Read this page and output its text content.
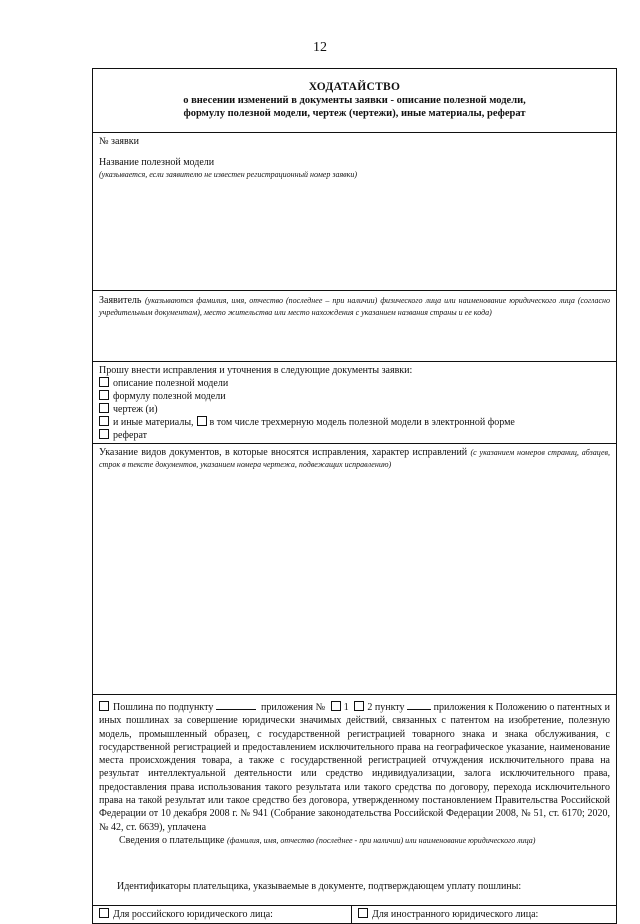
12
ХОДАТАЙСТВО
о внесении изменений в документы заявки - описание полезной модели,
формулу полезной модели, чертеж (чертежи), иные материалы, реферат
№ заявки
Название полезной модели
(указывается, если заявителю не известен регистрационный номер заявки)
Заявитель (указываются фамилия, имя, отчество (последнее – при наличии) физического лица или наименование юридического лица (согласно учредительным документам), место жительства или место нахождения с указанием названия страны и ее кода)
Прошу внести исправления и уточнения в следующие документы заявки:
описание полезной модели
формулу полезной модели
чертеж (и)
и иные материалы, в том числе трехмерную модель полезной модели в электронной форме
реферат
Указание видов документов, в которые вносятся исправления, характер исправлений (с указанием номеров страниц, абзацев, строк в тексте документов, указанием номера чертежа, подвежащих исправлению)
Пошлина по подпункту	приложения № 1 2 пункту	приложения к Положению о патентных и иных пошлинах за совершение юридически значимых действий, связанных с патентом на изобретение, полезную модель, промышленный образец, с государственной регистрацией товарного знака и знака обслуживания, с государственной регистрацией и предоставлением исключительного права на географическое указание, наименование места происхождения товара, а также с государственной регистрацией отчуждения исключительного права на результат интеллектуальной деятельности или средство индивидуализации, залога исключительного права, предоставления права использования такого результата или такого средства по договору, перехода исключительного права на такой результат или такое средство без договора, утвержденному постановлением Правительства Российской Федерации от 10 декабря 2008 г. № 941 (Собрание законодательства Российской Федерации 2008, № 51, ст. 6170; 2020, № 42, ст. 6639), уплачена
Сведения о плательщике (фамилия, имя, отчество (последнее - при наличии) или наименование юридического лица)
Идентификаторы плательщика, указываемые в документе, подтверждающем уплату пошлины:
Для российского юридического лица:	Для иностранного юридического лица:
